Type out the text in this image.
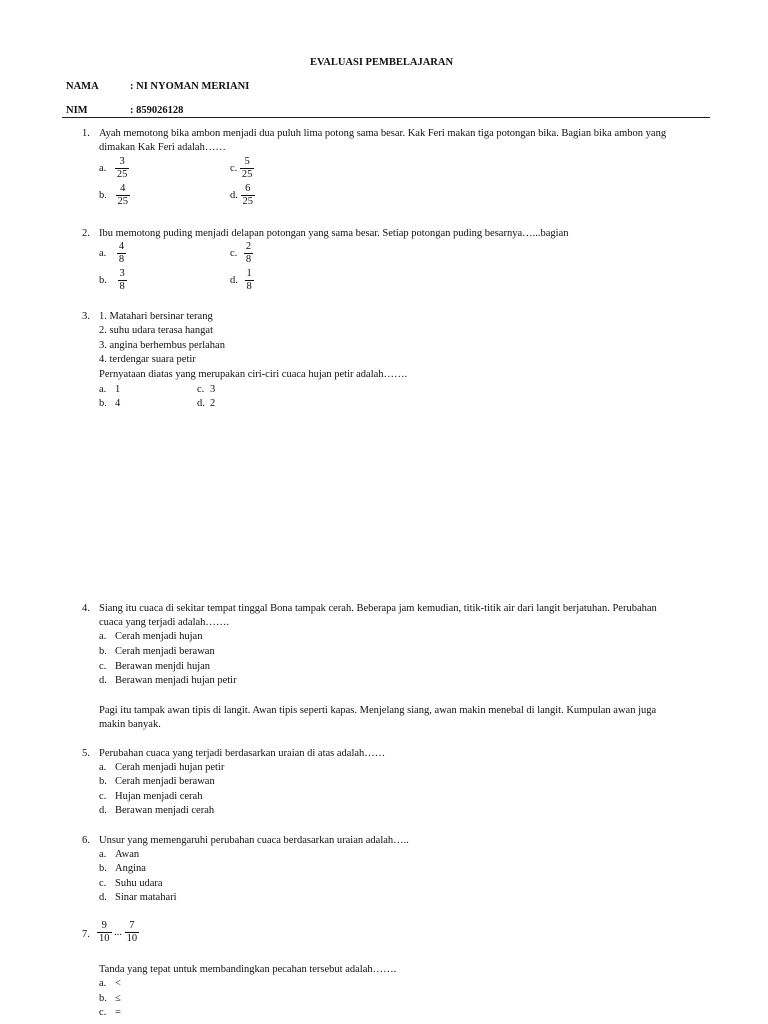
EVALUASI PEMBELAJARAN
NAMA	: NI NYOMAN MERIANI
NIM	: 859026128
1. Ayah memotong bika ambon menjadi dua puluh lima potong sama besar. Kak Feri makan tiga potongan bika. Bagian bika ambon yang
dimakan Kak Feri adalah……
a. $\frac{3}{25}$	c. $\frac{5}{25}$
b. $\frac{4}{25}$	d. $\frac{6}{25}$
2. Ibu memotong puding menjadi delapan potongan yang sama besar. Setiap potongan puding besarnya…...bagian
a. $\frac{4}{8}$	c. $\frac{2}{8}$
b. $\frac{3}{8}$	d. $\frac{1}{8}$
3. 1. Matahari bersinar terang
2. suhu udara terasa hangat
3. angina berhembus perlahan
4. terdengar suara petir
Pernyataan diatas yang merupakan ciri-ciri cuaca hujan petir adalah…….
a. 1	c. 3
b. 4	d. 2
4. Siang itu cuaca di sekitar tempat tinggal Bona tampak cerah. Beberapa jam kemudian, titik-titik air dari langit berjatuhan. Perubahan
cuaca yang terjadi adalah…….
a. Cerah menjadi hujan
b. Cerah menjadi berawan
c. Berawan menjdi hujan
d. Berawan menjadi hujan petir
Pagi itu tampak awan tipis di langit. Awan tipis seperti kapas. Menjelang siang, awan makin menebal di langit. Kumpulan awan juga
makin banyak.
5. Perubahan cuaca yang terjadi berdasarkan uraian di atas adalah……
a. Cerah menjadi hujan petir
b. Cerah menjadi berawan
c. Hujan menjadi cerah
d. Berawan menjadi cerah
6. Unsur yang memengaruhi perubahan cuaca berdasarkan uraian adalah…..
a. Awan
b. Angina
c. Suhu udara
d. Sinar matahari
7. $\frac{9}{10}$ ... $\frac{7}{10}$
Tanda yang tepat untuk membandingkan pecahan tersebut adalah…….
a. <
b. ≤
c. =
